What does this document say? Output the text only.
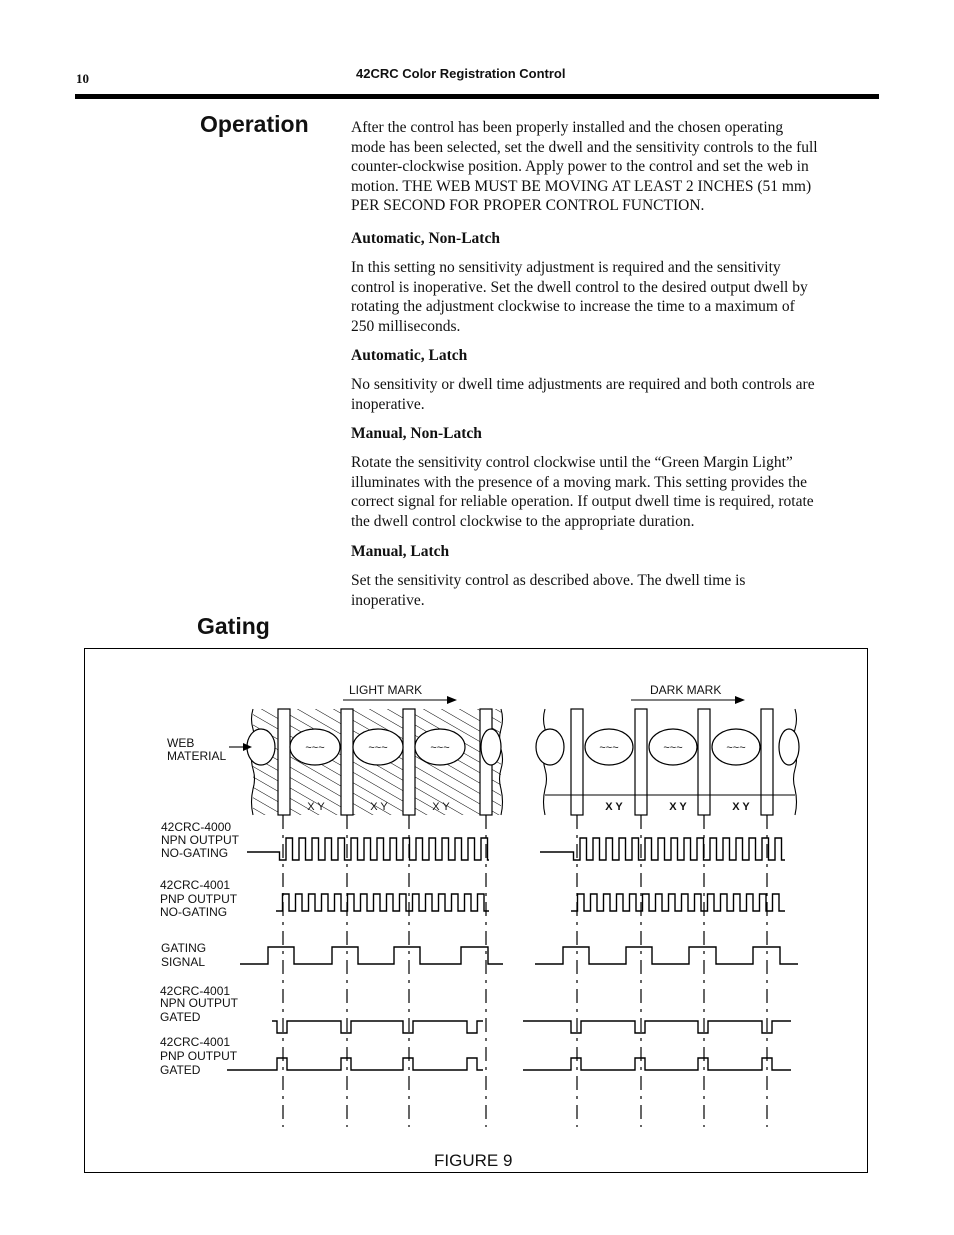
10	42CRC Color Registration Control
Operation	After the control has been properly installed and the chosen operating
mode has been selected, set the dwell and the sensitivity controls to the full
counter-clockwise position. Apply power to the control and set the web in
motion. THE WEB MUST BE MOVING AT LEAST 2 INCHES (51 mm)
PER SECOND FOR PROPER CONTROL FUNCTION.
Automatic, Non-Latch
In this setting no sensitivity adjustment is required and the sensitivity
control is inoperative. Set the dwell control to the desired output dwell by
rotating the adjustment clockwise to increase the time to a maximum of
250 milliseconds.
Automatic, Latch
No sensitivity or dwell time adjustments are required and both controls are
inoperative.
Manual, Non-Latch
Rotate the sensitivity control clockwise until the “Green Margin Light”
illuminates with the presence of a moving mark. This setting provides the
correct signal for reliable operation. If output dwell time is required, rotate
the dwell control clockwise to the appropriate duration.
Manual, Latch
Set the sensitivity control as described above. The dwell time is
inoperative.
Gating
LIGHT MARK
~~~	~~~	~~~
X Y	X Y	X Y
DARK MARK
~~~	~~~	~~~
X Y	X Y	X Y
WEB
MATERIAL
42CRC-4000
NPN OUTPUT
NO-GATING
42CRC-4001
PNP OUTPUT
NO-GATING
GATING
SIGNAL
42CRC-4001
NPN OUTPUT
GATED
42CRC-4001
PNP OUTPUT
GATED
FIGURE 9
